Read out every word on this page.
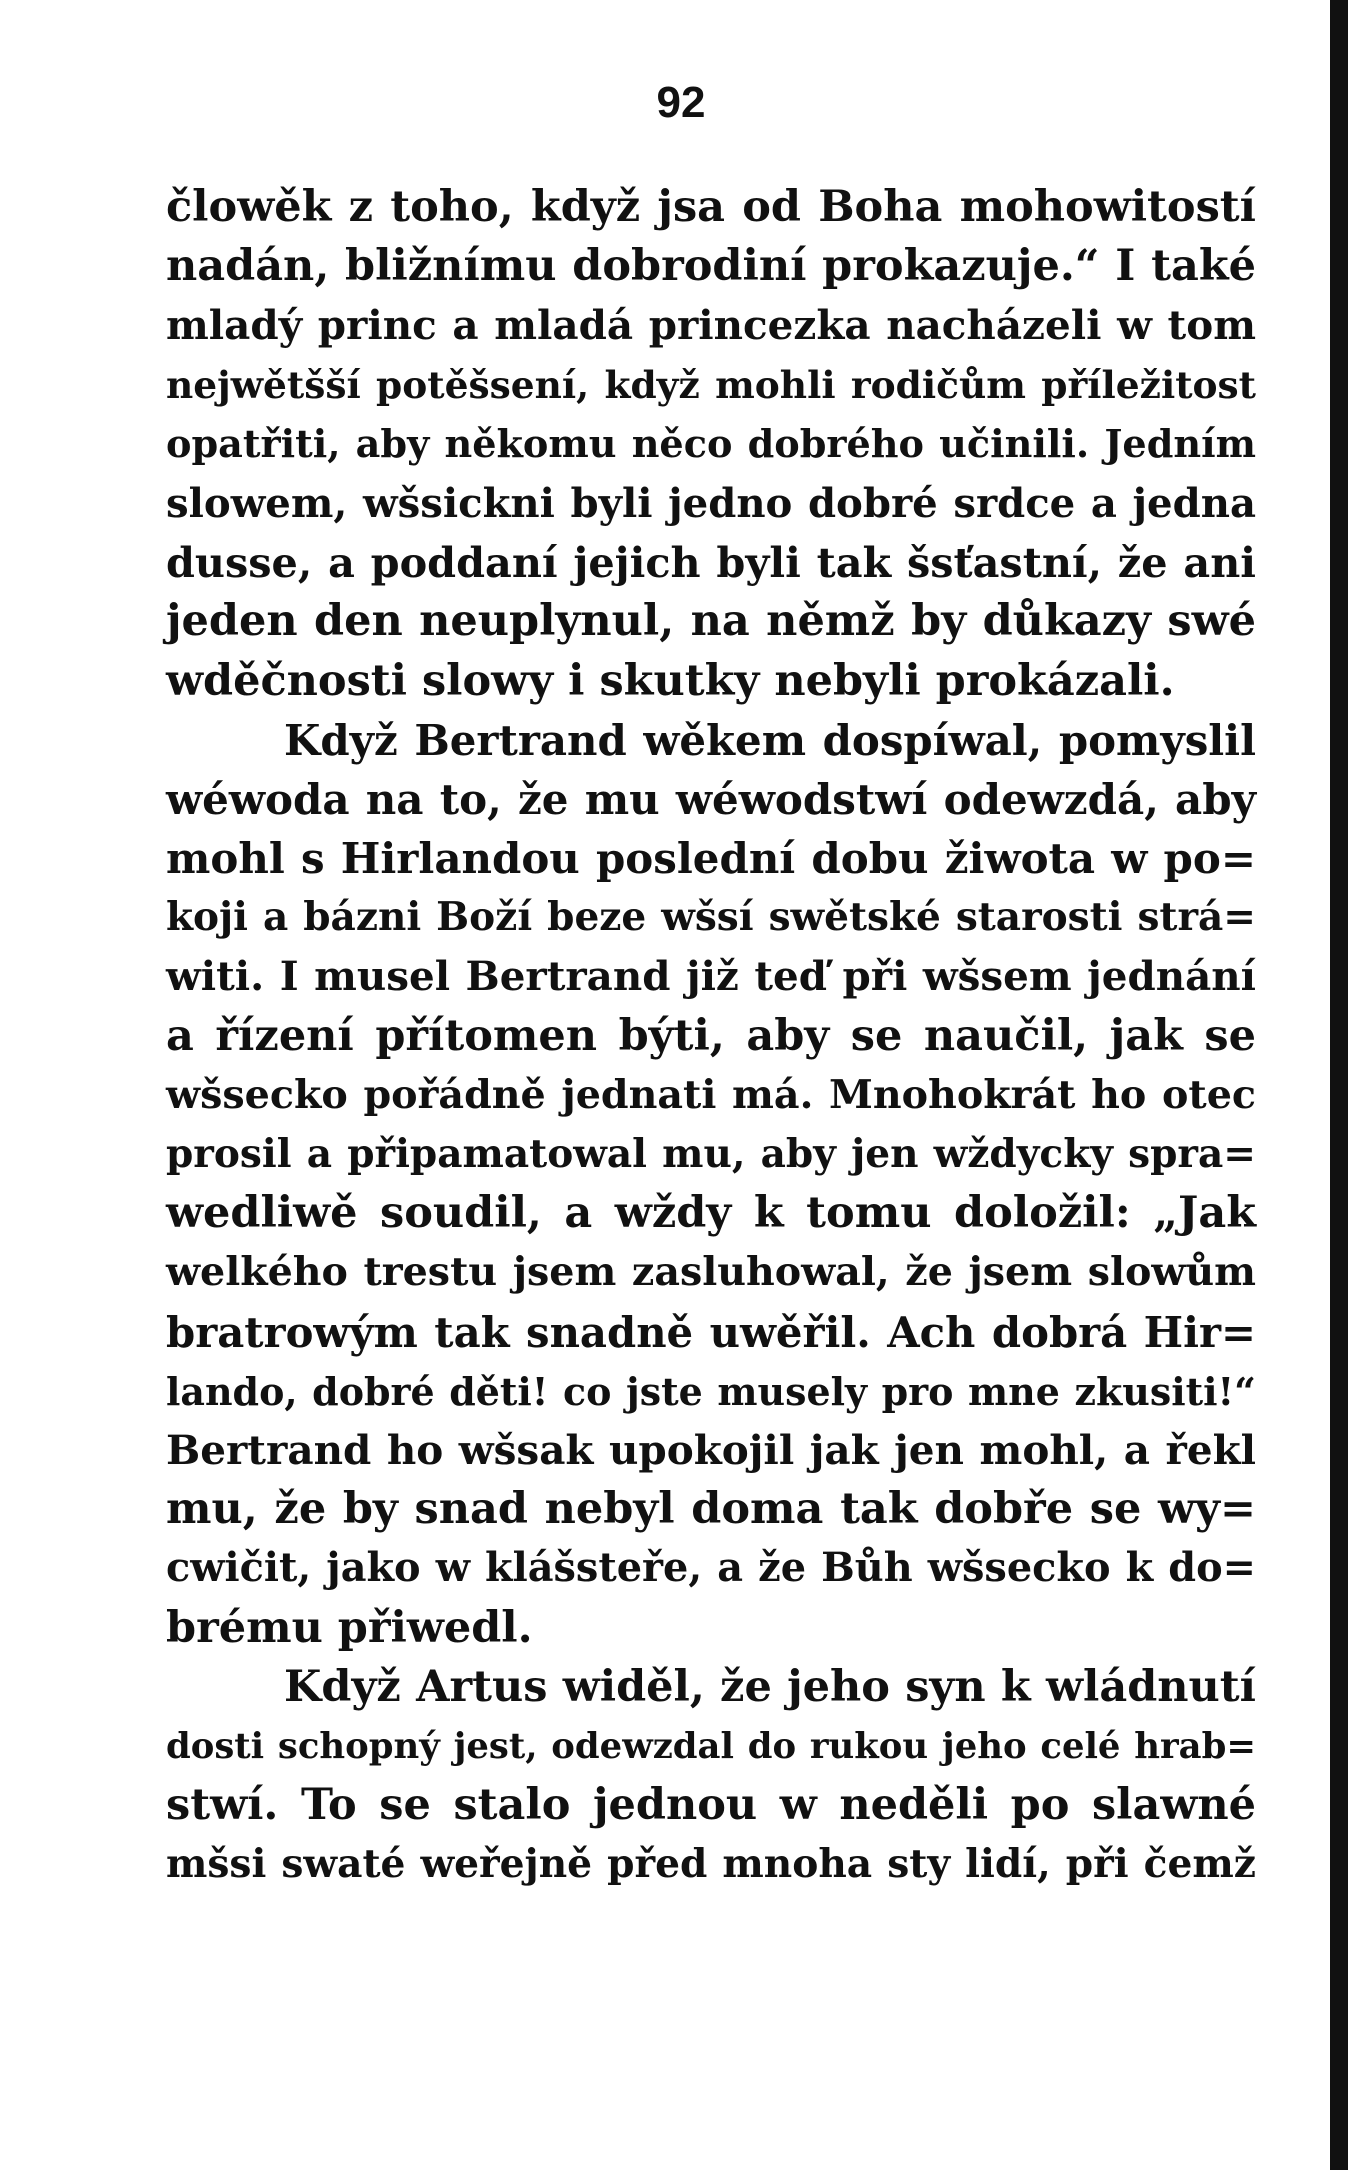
92
člowěk z toho, když jsa od Boha mohowitostí
nadán, bližnímu dobrodiní prokazuje.“ I také
mladý princ a mladá princezka nacházeli w tom
nejwětšší potěšsení, když mohli rodičům příležitost
opatřiti, aby někomu něco dobrého učinili. Jedním
slowem, wšsickni byli jedno dobré srdce a jedna
dusse, a poddaní jejich byli tak šsťastní, že ani
jeden den neuplynul, na němž by důkazy swé
wděčnosti slowy i skutky nebyli prokázali.
Když Bertrand wěkem dospíwal, pomyslil
wéwoda na to, že mu wéwodstwí odewzdá, aby
mohl s Hirlandou poslední dobu žiwota w po=
koji a bázni Boží beze wšsí swětské starosti strá=
witi. I musel Bertrand již teď při wšsem jednání
a řízení přítomen býti, aby se naučil, jak se
wšsecko pořádně jednati má. Mnohokrát ho otec
prosil a připamatowal mu, aby jen wždycky spra=
wedliwě soudil, a wždy k tomu doložil: „Jak
welkého trestu jsem zasluhowal, že jsem slowům
bratrowým tak snadně uwěřil. Ach dobrá Hir=
lando, dobré děti! co jste musely pro mne zkusiti!“
Bertrand ho wšsak upokojil jak jen mohl, a řekl
mu, že by snad nebyl doma tak dobře se wy=
cwičit, jako w klášsteře, a že Bůh wšsecko k do=
brému přiwedl.
Když Artus widěl, že jeho syn k wládnutí
dosti schopný jest, odewzdal do rukou jeho celé hrab=
stwí. To se stalo jednou w neděli po slawné
mšsi swaté weřejně před mnoha sty lidí, při čemž
